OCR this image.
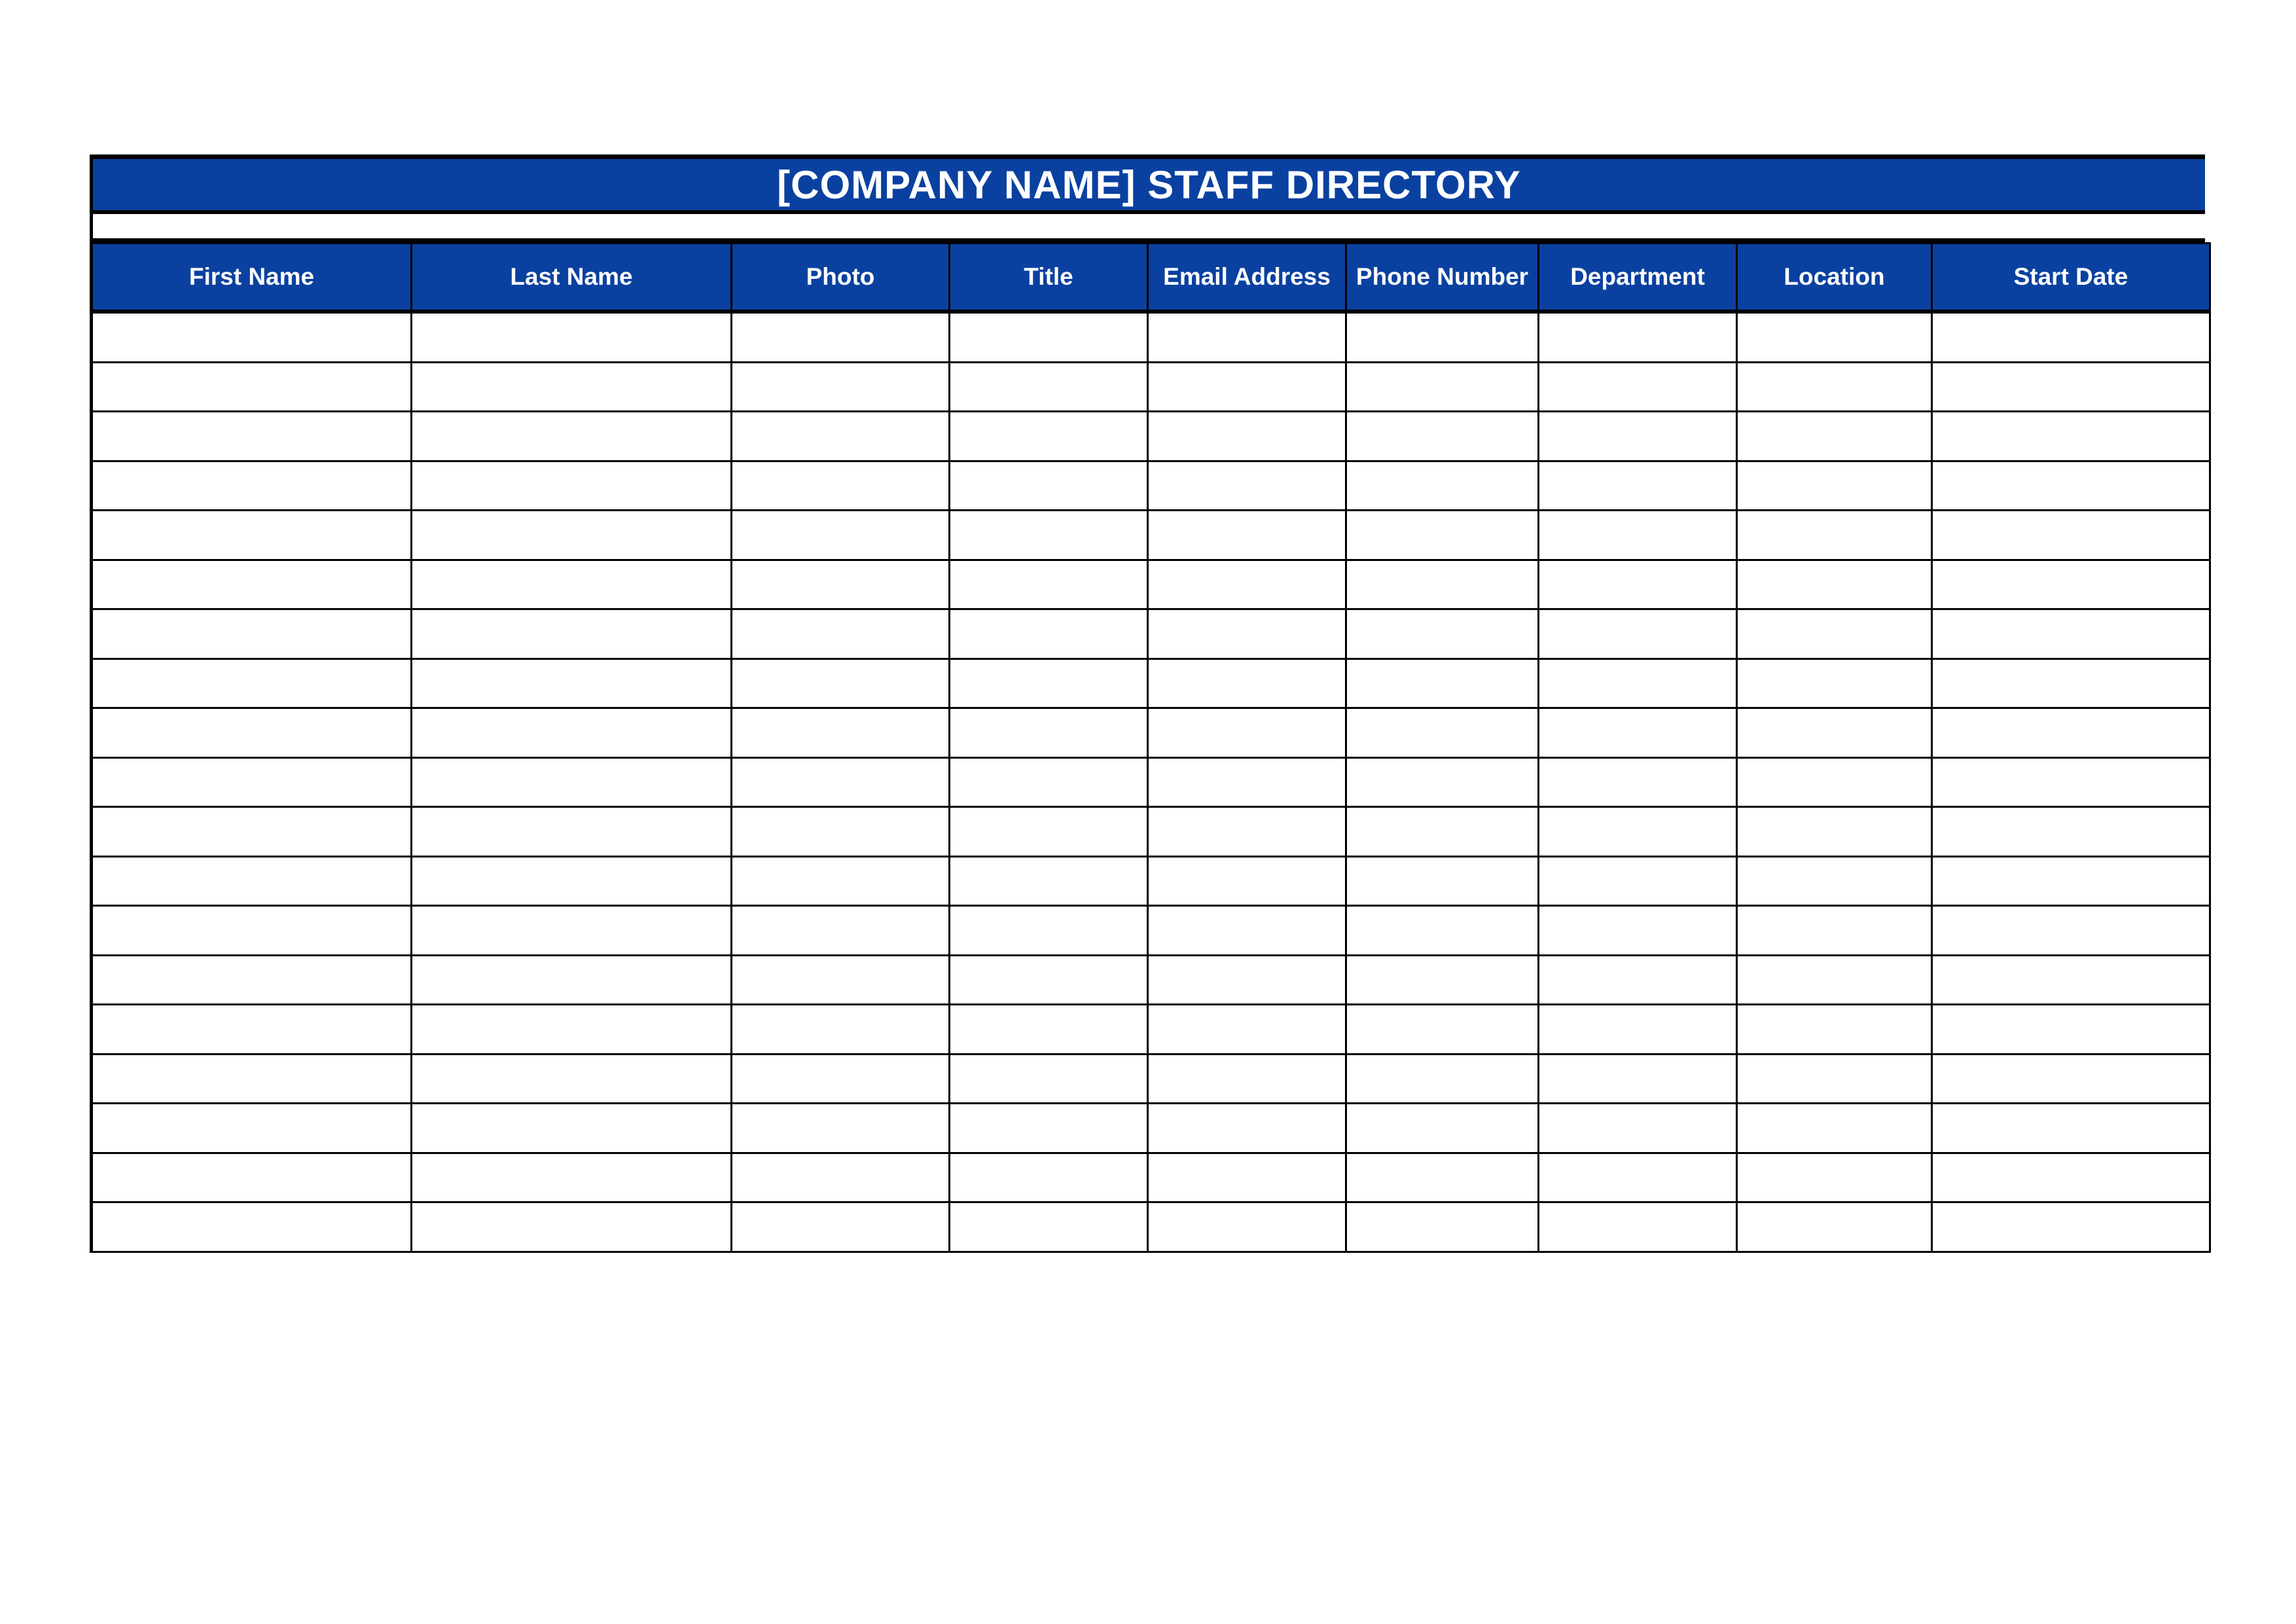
[COMPANY NAME] STAFF DIRECTORY
First Name	Last Name	Photo	Title	Email Address	Phone Number	Department	Location	Start Date
